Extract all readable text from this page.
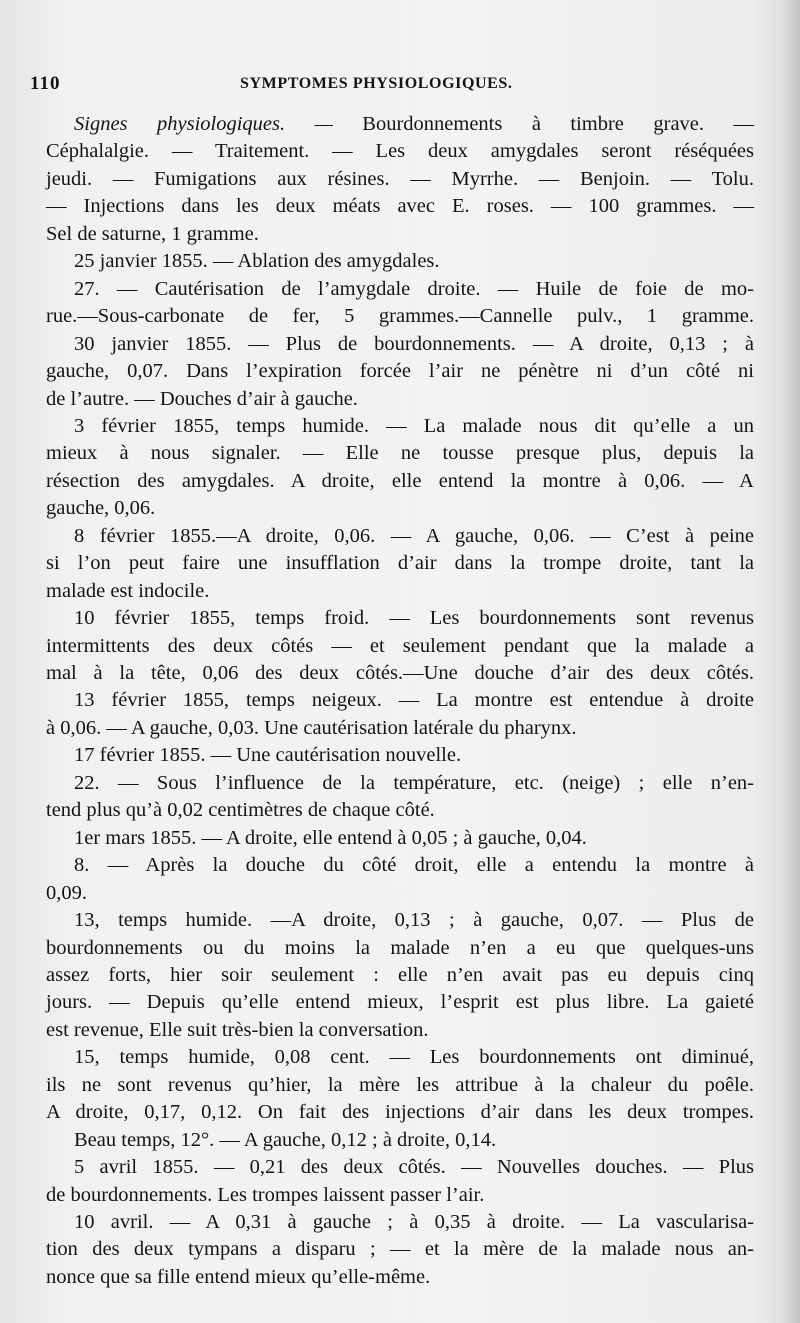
110	SYMPTOMES PHYSIOLOGIQUES.
Signes physiologiques. — Bourdonnements à timbre grave. —
Céphalalgie. — Traitement. — Les deux amygdales seront réséquées
jeudi. — Fumigations aux résines. — Myrrhe. — Benjoin. — Tolu.
— Injections dans les deux méats avec E. roses. — 100 grammes. —
Sel de saturne, 1 gramme.
25 janvier 1855. — Ablation des amygdales.
27. — Cautérisation de l’amygdale droite. — Huile de foie de mo-
rue.—Sous-carbonate de fer, 5 grammes.—Cannelle pulv., 1 gramme.
30 janvier 1855. — Plus de bourdonnements. — A droite, 0,13 ; à
gauche, 0,07. Dans l’expiration forcée l’air ne pénètre ni d’un côté ni
de l’autre. — Douches d’air à gauche.
3 février 1855, temps humide. — La malade nous dit qu’elle a un
mieux à nous signaler. — Elle ne tousse presque plus, depuis la
résection des amygdales. A droite, elle entend la montre à 0,06. — A
gauche, 0,06.
8 février 1855.—A droite, 0,06. — A gauche, 0,06. — C’est à peine
si l’on peut faire une insufflation d’air dans la trompe droite, tant la
malade est indocile.
10 février 1855, temps froid. — Les bourdonnements sont revenus
intermittents des deux côtés — et seulement pendant que la malade a
mal à la tête, 0,06 des deux côtés.—Une douche d’air des deux côtés.
13 février 1855, temps neigeux. — La montre est entendue à droite
à 0,06. — A gauche, 0,03. Une cautérisation latérale du pharynx.
17 février 1855. — Une cautérisation nouvelle.
22. — Sous l’influence de la température, etc. (neige) ; elle n’en-
tend plus qu’à 0,02 centimètres de chaque côté.
1er mars 1855. — A droite, elle entend à 0,05 ; à gauche, 0,04.
8. — Après la douche du côté droit, elle a entendu la montre à
0,09.
13, temps humide. —A droite, 0,13 ; à gauche, 0,07. — Plus de
bourdonnements ou du moins la malade n’en a eu que quelques-uns
assez forts, hier soir seulement : elle n’en avait pas eu depuis cinq
jours. — Depuis qu’elle entend mieux, l’esprit est plus libre. La gaieté
est revenue, Elle suit très-bien la conversation.
15, temps humide, 0,08 cent. — Les bourdonnements ont diminué,
ils ne sont revenus qu’hier, la mère les attribue à la chaleur du poêle.
A droite, 0,17, 0,12. On fait des injections d’air dans les deux trompes.
Beau temps, 12°. — A gauche, 0,12 ; à droite, 0,14.
5 avril 1855. — 0,21 des deux côtés. — Nouvelles douches. — Plus
de bourdonnements. Les trompes laissent passer l’air.
10 avril. — A 0,31 à gauche ; à 0,35 à droite. — La vascularisa-
tion des deux tympans a disparu ; — et la mère de la malade nous an-
nonce que sa fille entend mieux qu’elle-même.
